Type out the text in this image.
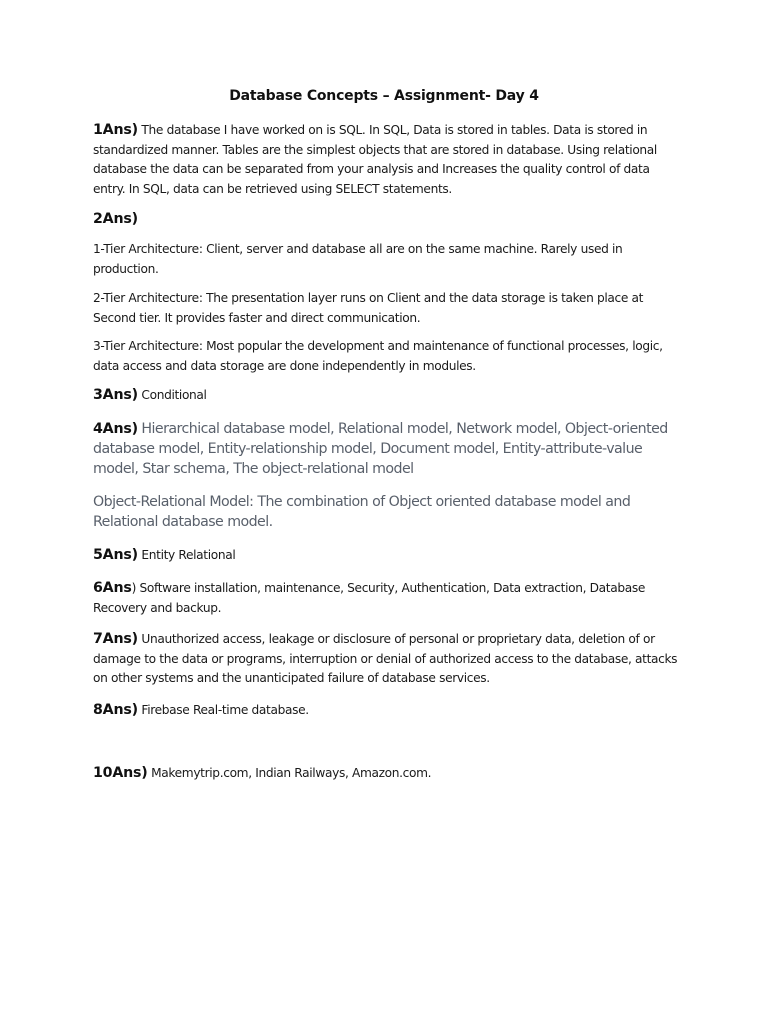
Database Concepts – Assignment- Day 4
1Ans) The database I have worked on is SQL. In SQL, Data is stored in tables. Data is stored in standardized manner. Tables are the simplest objects that are stored in database. Using relational database the data can be separated from your analysis and Increases the quality control of data entry. In SQL, data can be retrieved using SELECT statements.
2Ans)
1-Tier Architecture: Client, server and database all are on the same machine. Rarely used in production.
2-Tier Architecture: The presentation layer runs on Client and the data storage is taken place at Second tier. It provides faster and direct communication.
3-Tier Architecture: Most popular the development and maintenance of functional processes, logic, data access and data storage are done independently in modules.
3Ans) Conditional
4Ans) Hierarchical database model, Relational model, Network model, Object-oriented database model, Entity-relationship model, Document model, Entity-attribute-value model, Star schema, The object-relational model
Object-Relational Model: The combination of Object oriented database model and Relational database model.
5Ans) Entity Relational
6Ans) Software installation, maintenance, Security, Authentication, Data extraction, Database Recovery and backup.
7Ans) Unauthorized access, leakage or disclosure of personal or proprietary data, deletion of or damage to the data or programs, interruption or denial of authorized access to the database, attacks on other systems and the unanticipated failure of database services.
8Ans) Firebase Real-time database.
10Ans) Makemytrip.com, Indian Railways, Amazon.com.
